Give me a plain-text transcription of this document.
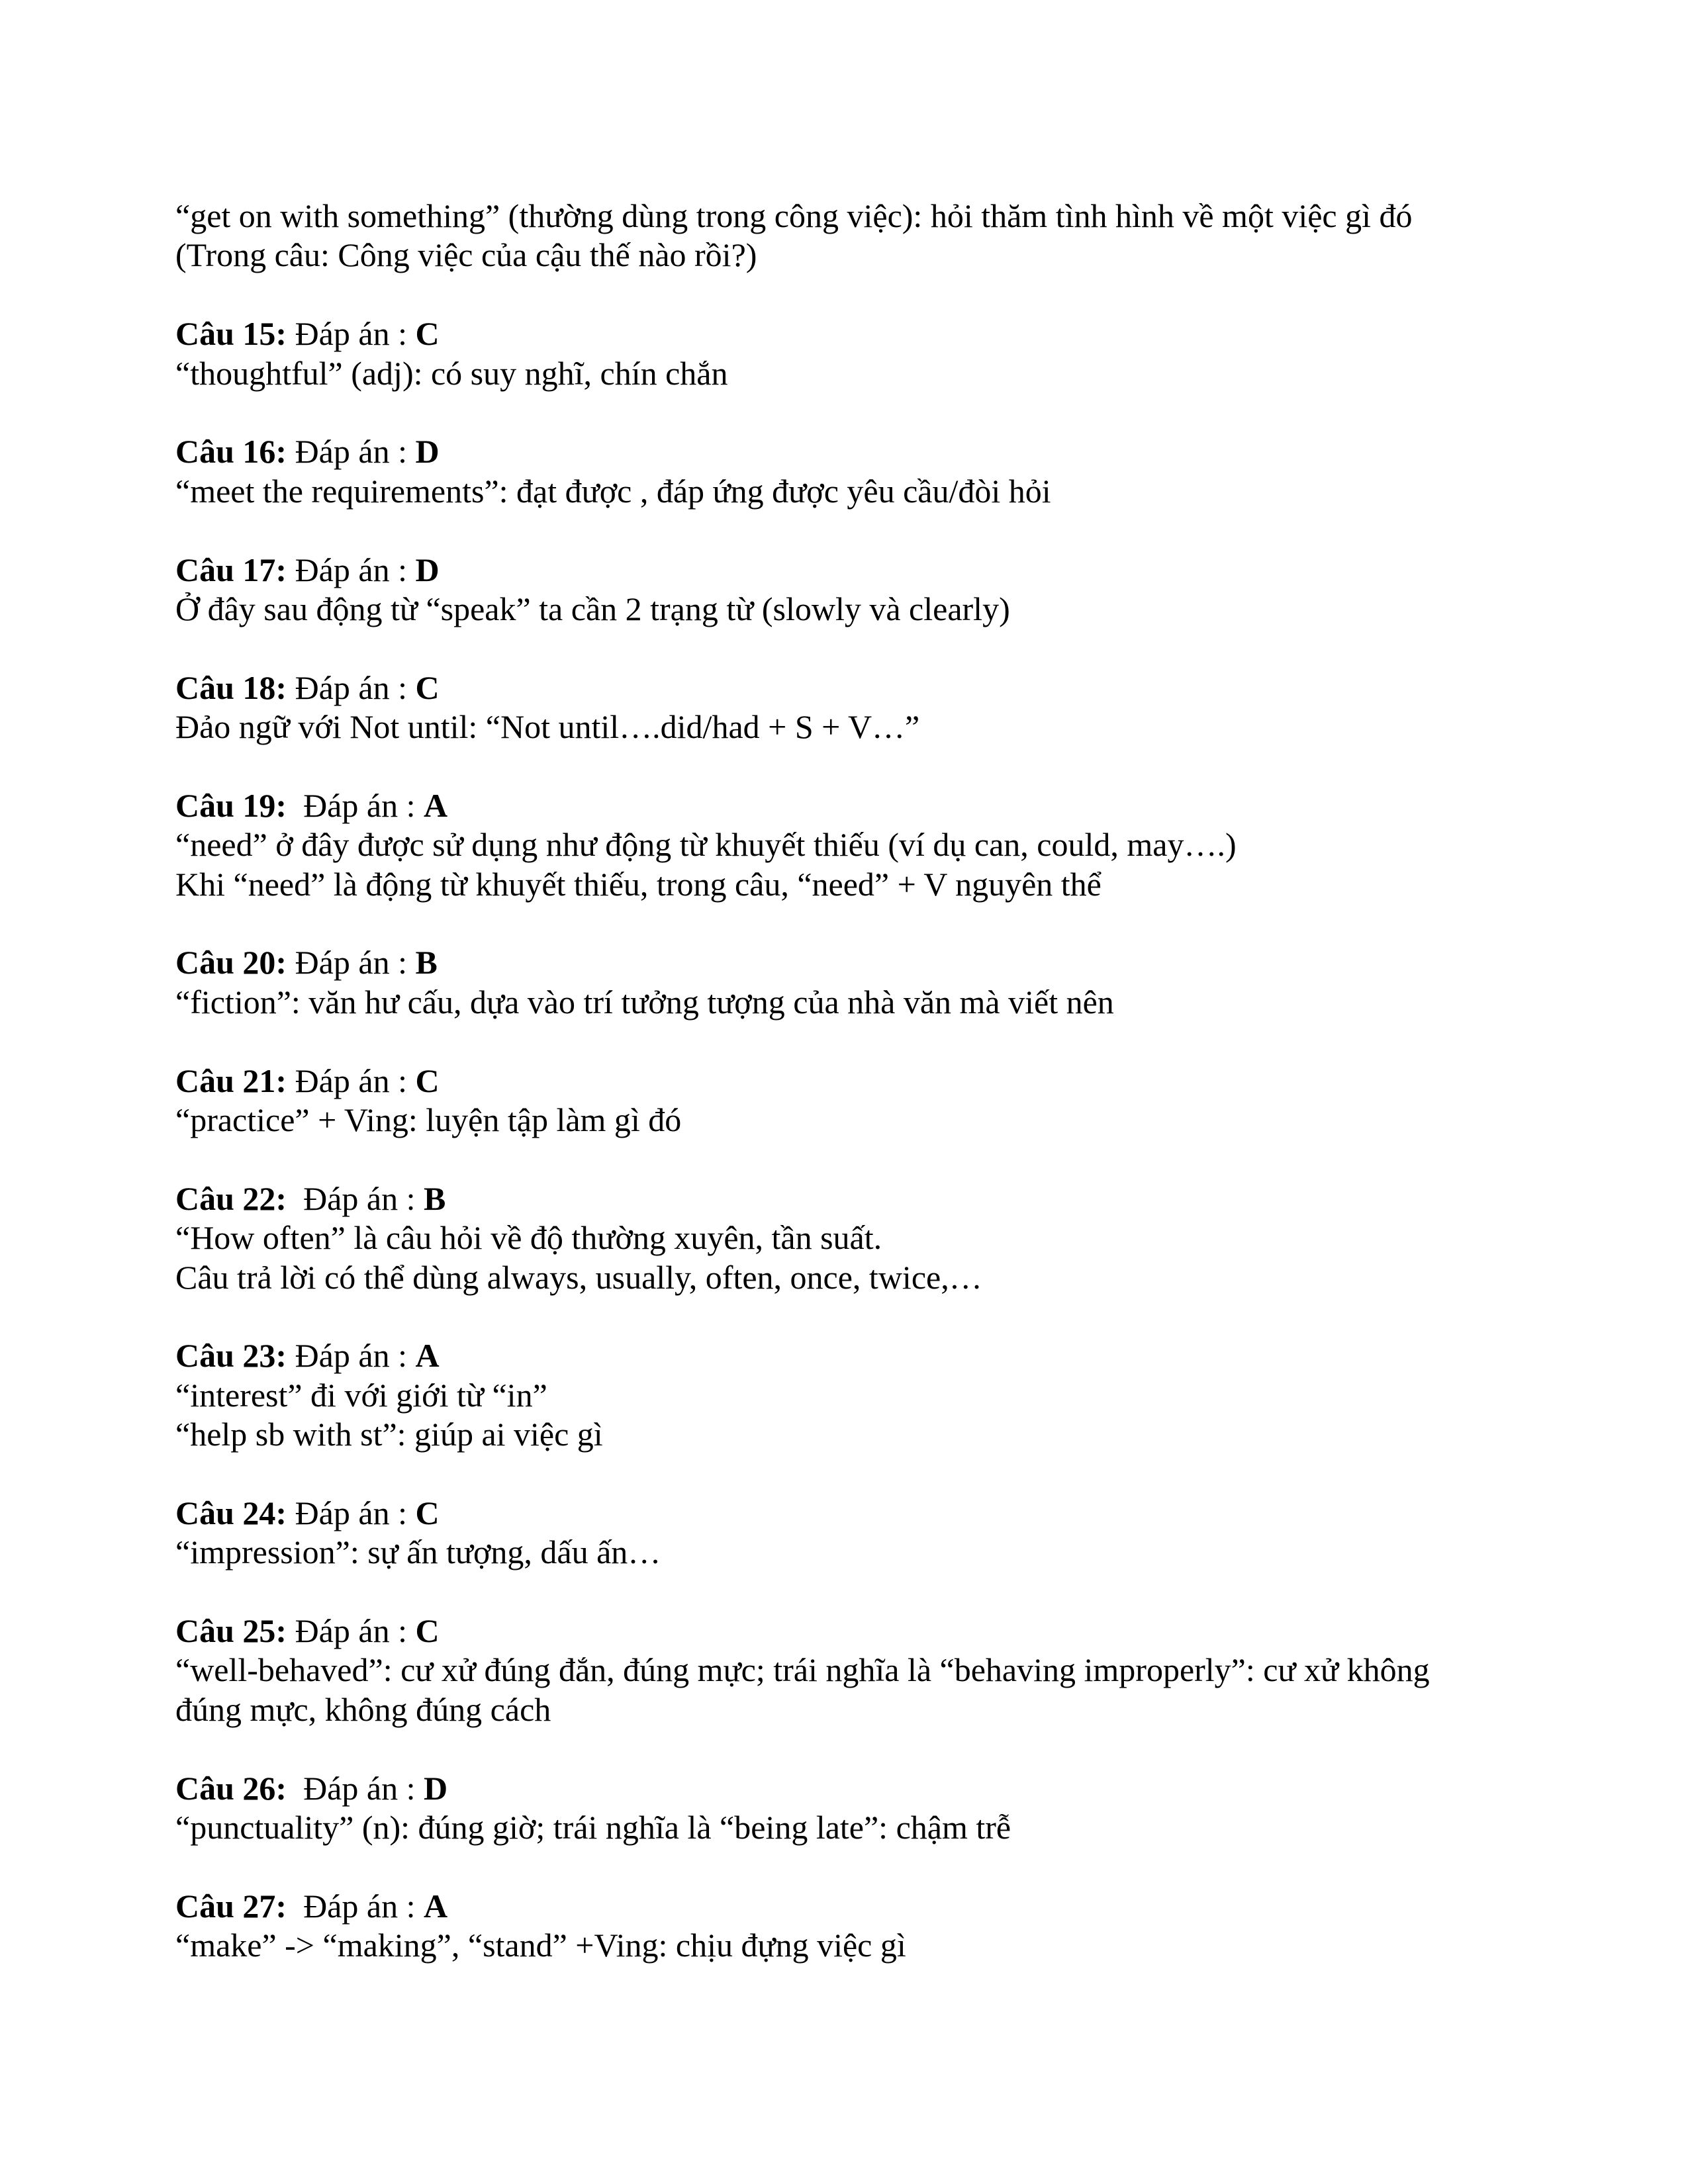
“get on with something” (thường dùng trong công việc): hỏi thăm tình hình về một việc gì đó
(Trong câu: Công việc của cậu thế nào rồi?)
Câu 15: Đáp án : C
“thoughtful” (adj): có suy nghĩ, chín chắn
Câu 16: Đáp án : D
“meet the requirements”: đạt được , đáp ứng được yêu cầu/đòi hỏi
Câu 17: Đáp án : D
Ở đây sau động từ “speak” ta cần 2 trạng từ (slowly và clearly)
Câu 18: Đáp án : C
Đảo ngữ với Not until: “Not until….did/had + S + V…”
Câu 19:  Đáp án : A
“need” ở đây được sử dụng như động từ khuyết thiếu (ví dụ can, could, may….)
Khi “need” là động từ khuyết thiếu, trong câu, “need” + V nguyên thể
Câu 20: Đáp án : B
“fiction”: văn hư cấu, dựa vào trí tưởng tượng của nhà văn mà viết nên
Câu 21: Đáp án : C
“practice” + Ving: luyện tập làm gì đó
Câu 22:  Đáp án : B
“How often” là câu hỏi về độ thường xuyên, tần suất.
Câu trả lời có thể dùng always, usually, often, once, twice,…
Câu 23: Đáp án : A
“interest” đi với giới từ “in”
“help sb with st”: giúp ai việc gì
Câu 24: Đáp án : C
“impression”: sự ấn tượng, dấu ấn…
Câu 25: Đáp án : C
“well-behaved”: cư xử đúng đắn, đúng mực; trái nghĩa là “behaving improperly”: cư xử không
đúng mực, không đúng cách
Câu 26:  Đáp án : D
“punctuality” (n): đúng giờ; trái nghĩa là “being late”: chậm trễ
Câu 27:  Đáp án : A
“make” -> “making”, “stand” +Ving: chịu đựng việc gì
